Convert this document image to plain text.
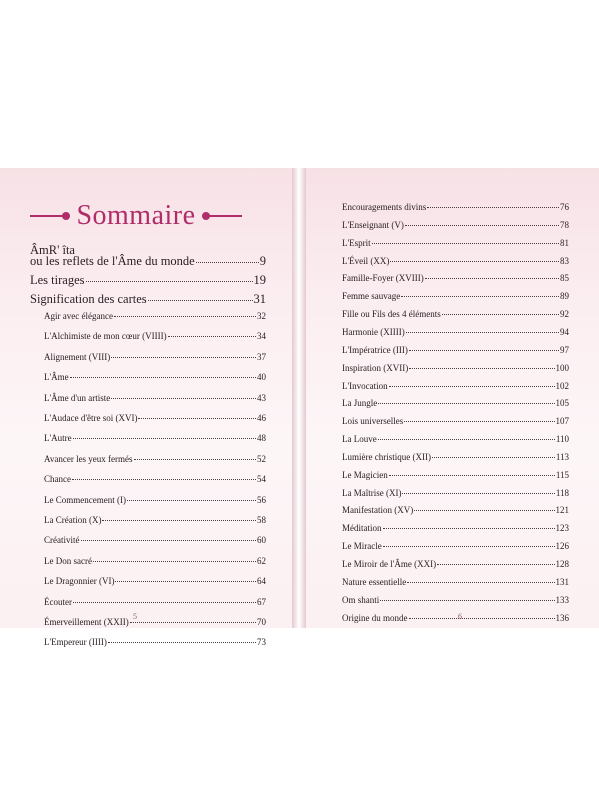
Sommaire
ÂmR' îta
ou les reflets de l'Âme du monde	9
Les tirages	19
Signification des cartes	31
Agir avec élégance	32
L'Alchimiste de mon cœur (VIIII)	34
Alignement (VIII)	37
L'Âme	40
L'Âme d'un artiste	43
L'Audace d'être soi (XVI)	46
L'Autre	48
Avancer les yeux fermés	52
Chance	54
Le Commencement (I)	56
La Création (X)	58
Créativité	60
Le Don sacré	62
Le Dragonnier (VI)	64
Écouter	67
Émerveillement (XXII)	70
L'Empereur (IIII)	73
Encouragements divins	76
L'Enseignant (V)	78
L'Esprit	81
L'Éveil (XX)	83
Famille-Foyer (XVIII)	85
Femme sauvage	89
Fille ou Fils des 4 éléments	92
Harmonie (XIIII)	94
L'Impératrice (III)	97
Inspiration (XVII)	100
L'Invocation	102
La Jungle	105
Lois universelles	107
La Louve	110
Lumière christique (XII)	113
Le Magicien	115
La Maîtrise (XI)	118
Manifestation (XV)	121
Méditation	123
Le Miracle	126
Le Miroir de l'Âme (XXI)	128
Nature essentielle	131
Om shanti	133
Origine du monde	136
5	6
